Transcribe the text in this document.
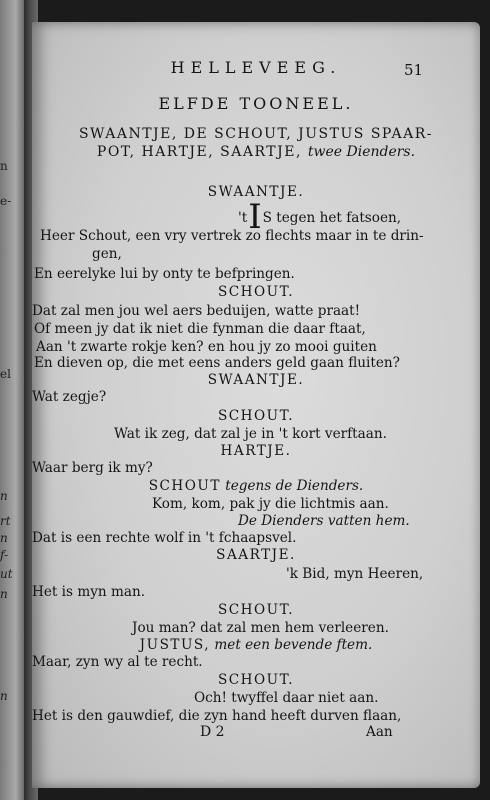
n
e-
el
n
rt
n
f-
ut
n
n
HELLEVEEG.	51
ELFDE TOONEEL.
SWAANTJE, DE SCHOUT, JUSTUS SPAAR-
POT, HARTJE, SAARTJE, twee Dienders.
SWAANTJE.
'tIS tegen het fatsoen,
Heer Schout, een vry vertrek zo flechts maar in te drin-
gen,
En eerelyke lui by onty te befpringen.
SCHOUT.
Dat zal men jou wel aers beduijen, watte praat!
Of meen jy dat ik niet die fynman die daar ftaat,
Aan 't zwarte rokje ken? en hou jy zo mooi guiten
En dieven op, die met eens anders geld gaan fluiten?
SWAANTJE.
Wat zegje?
SCHOUT.
Wat ik zeg, dat zal je in 't kort verftaan.
HARTJE.
Waar berg ik my?
SCHOUT tegens de Dienders.
Kom, kom, pak jy die lichtmis aan.
De Dienders vatten hem.
Dat is een rechte wolf in 't fchaapsvel.
SAARTJE.
'k Bid, myn Heeren,
Het is myn man.
SCHOUT.
Jou man? dat zal men hem verleeren.
JUSTUS, met een bevende ftem.
Maar, zyn wy al te recht.
SCHOUT.
Och! twyffel daar niet aan.
Het is den gauwdief, die zyn hand heeft durven flaan,
D 2	Aan
